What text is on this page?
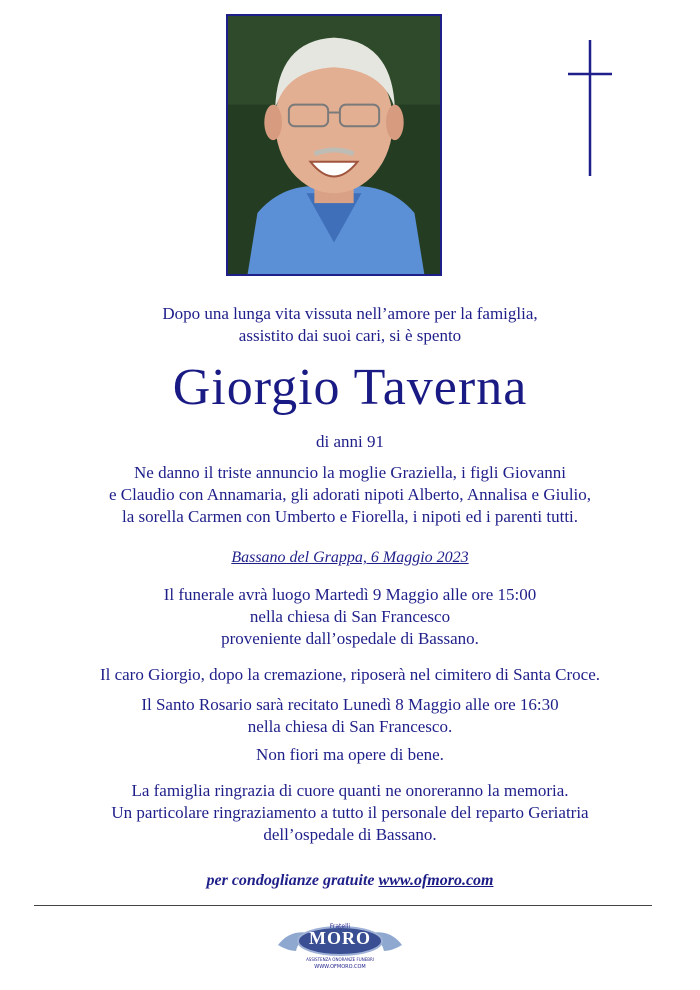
Dopo una lunga vita vissuta nell’amore per la famiglia,
assistito dai suoi cari, si è spento
Giorgio Taverna
di anni 91
Ne danno il triste annuncio la moglie Graziella, i figli Giovanni
e Claudio con Annamaria, gli adorati nipoti Alberto, Annalisa e Giulio,
la sorella Carmen con Umberto e Fiorella, i nipoti ed i parenti tutti.
Bassano del Grappa, 6 Maggio 2023
Il funerale avrà luogo Martedì 9 Maggio alle ore 15:00
nella chiesa di San Francesco
proveniente dall’ospedale di Bassano.
Il caro Giorgio, dopo la cremazione, riposerà nel cimitero di Santa Croce.
Il Santo Rosario sarà recitato Lunedì 8 Maggio alle ore 16:30
nella chiesa di San Francesco.
Non fiori ma opere di bene.
La famiglia ringrazia di cuore quanti ne onoreranno la memoria.
Un particolare ringraziamento a tutto il personale del reparto Geriatria
dell’ospedale di Bassano.
per condoglianze gratuite www.ofmoro.com
Fratelli
MORO
ASSISTENZA ONORANZE FUNEBRI
WWW.OFMORO.COM
